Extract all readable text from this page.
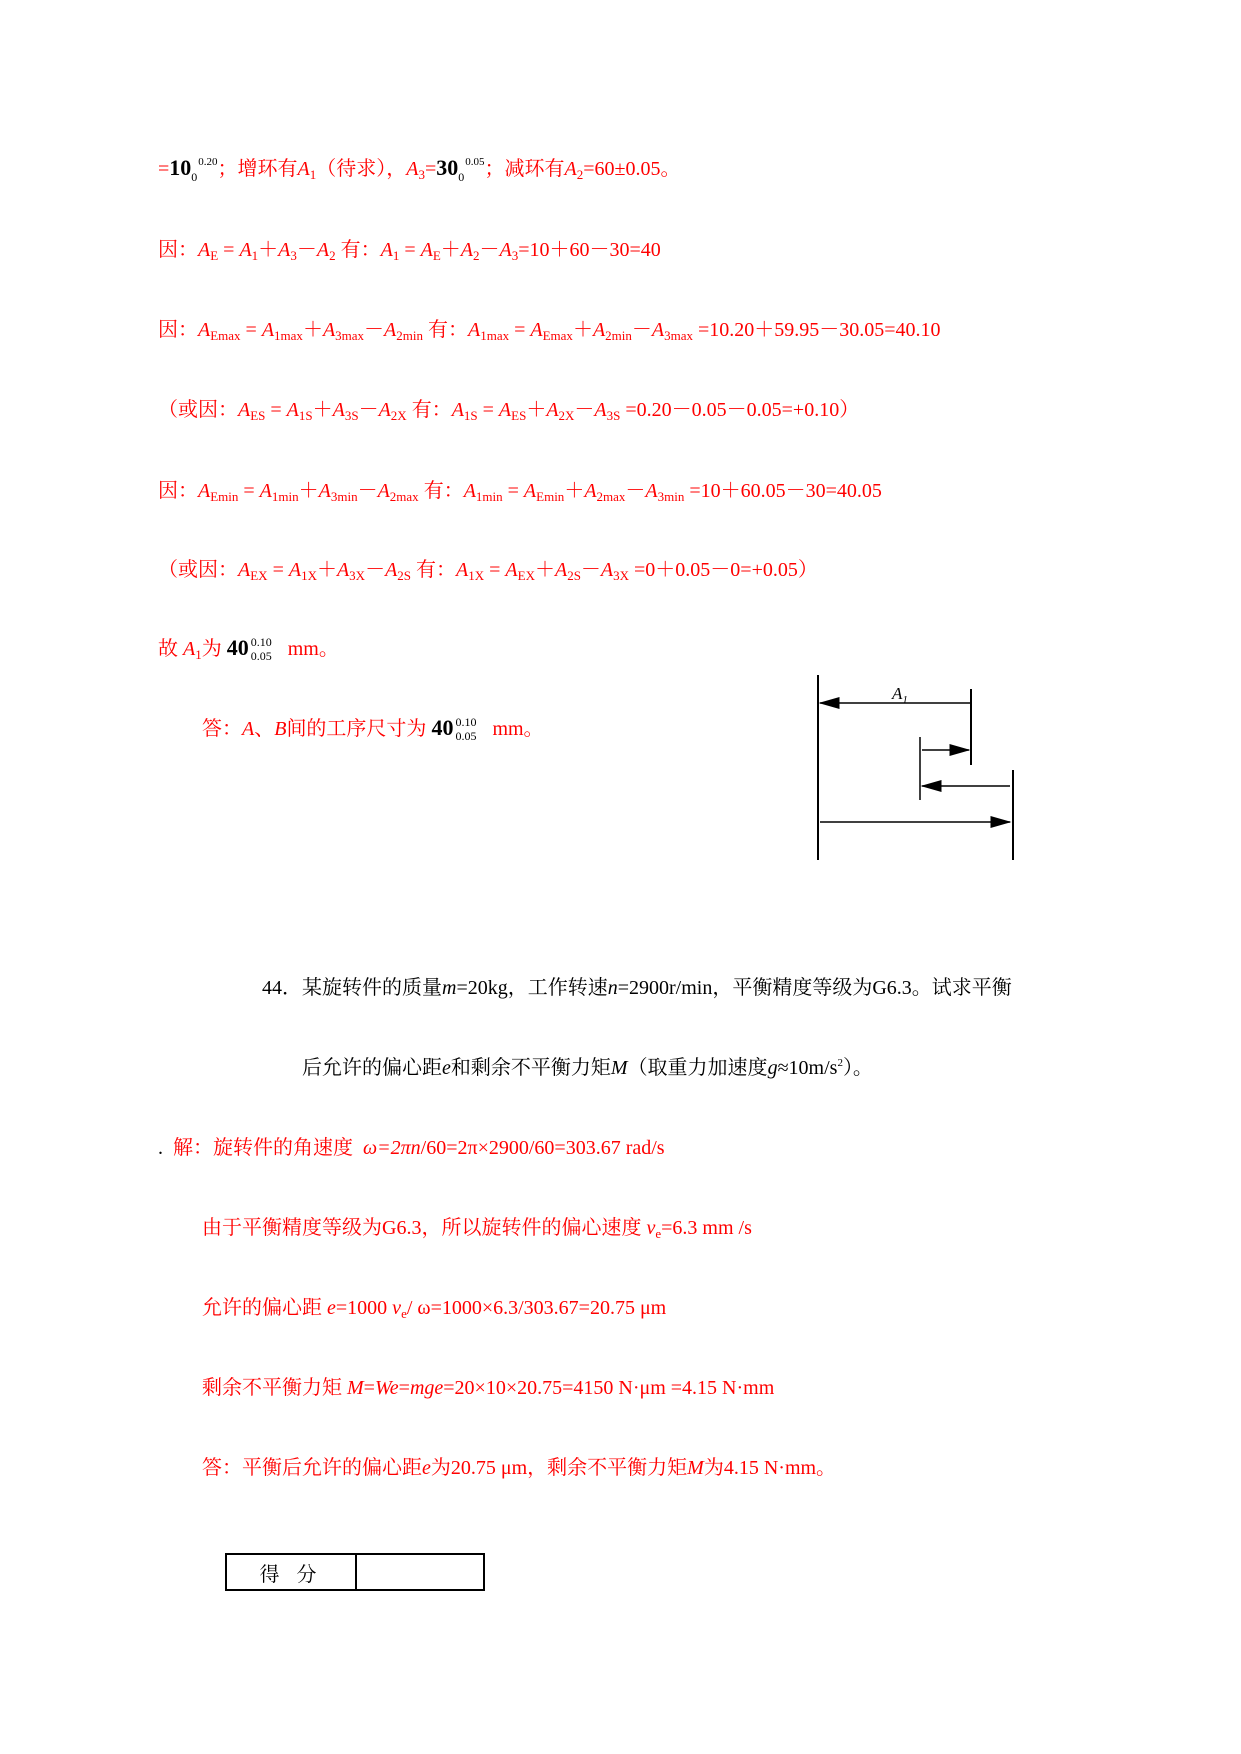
$=10_0^{0.20}$；增环有$A_1$（待求），$A_3=30_0^{0.05}$；减环有$A_2=60\pm 0.05$。
因：$A_E = A_1+A_3-A_2$ 有：$A_1 = A_E+A_2-A_3=10+60-30=40$
因：$A_{Emax} = A_{1max}+A_{3max}-A_{2min}$ 有：$A_{1max} = A_{Emax}+A_{2min}-A_{3max} =10.20+59.95-30.05=40.10$
（或因：$A_{ES} = A_{1S}+A_{3S}-A_{2X}$ 有：$A_{1S} = A_{ES}+A_{2X}-A_{3S} =0.20-0.05-0.05=+0.10$）
因：$A_{Emin} = A_{1min}+A_{3min}-A_{2max}$ 有：$A_{1min} = A_{Emin}+A_{2max}-A_{3min} =10+60.05-30=40.05$
（或因：$A_{EX} = A_{1X}+A_{3X}-A_{2S}$ 有：$A_{1X} = A_{EX}+A_{2S}-A_{3X} =0+0.05-0=+0.05$）
故 $A_1$为 40 0.10
0.05 mm。
答：A、B间的工序尺寸为 40 0.10
0.05 mm。
$A_1$
44．某旋转件的质量m=20kg，工作转速n=2900r/min，平衡精度等级为G6.3。试求平衡
后允许的偏心距e和剩余不平衡力矩M（取重力加速度$g\approx 10m/s^2$）。
. 解：旋转件的角速度 ω=2πn/60=2π×2900/60=303.67 rad/s
由于平衡精度等级为G6.3，所以旋转件的偏心速度 $v_e=6.3$ mm /s
允许的偏心距 e=1000 $v_e/$ ω=1000×6.3/303.67=20.75 μm
剩余不平衡力矩 M=We=mge=20×10×20.75=4150 N·μm =4.15 N·mm
答：平衡后允许的偏心距e为20.75 μm，剩余不平衡力矩M为4.15 N·mm。
得 分
